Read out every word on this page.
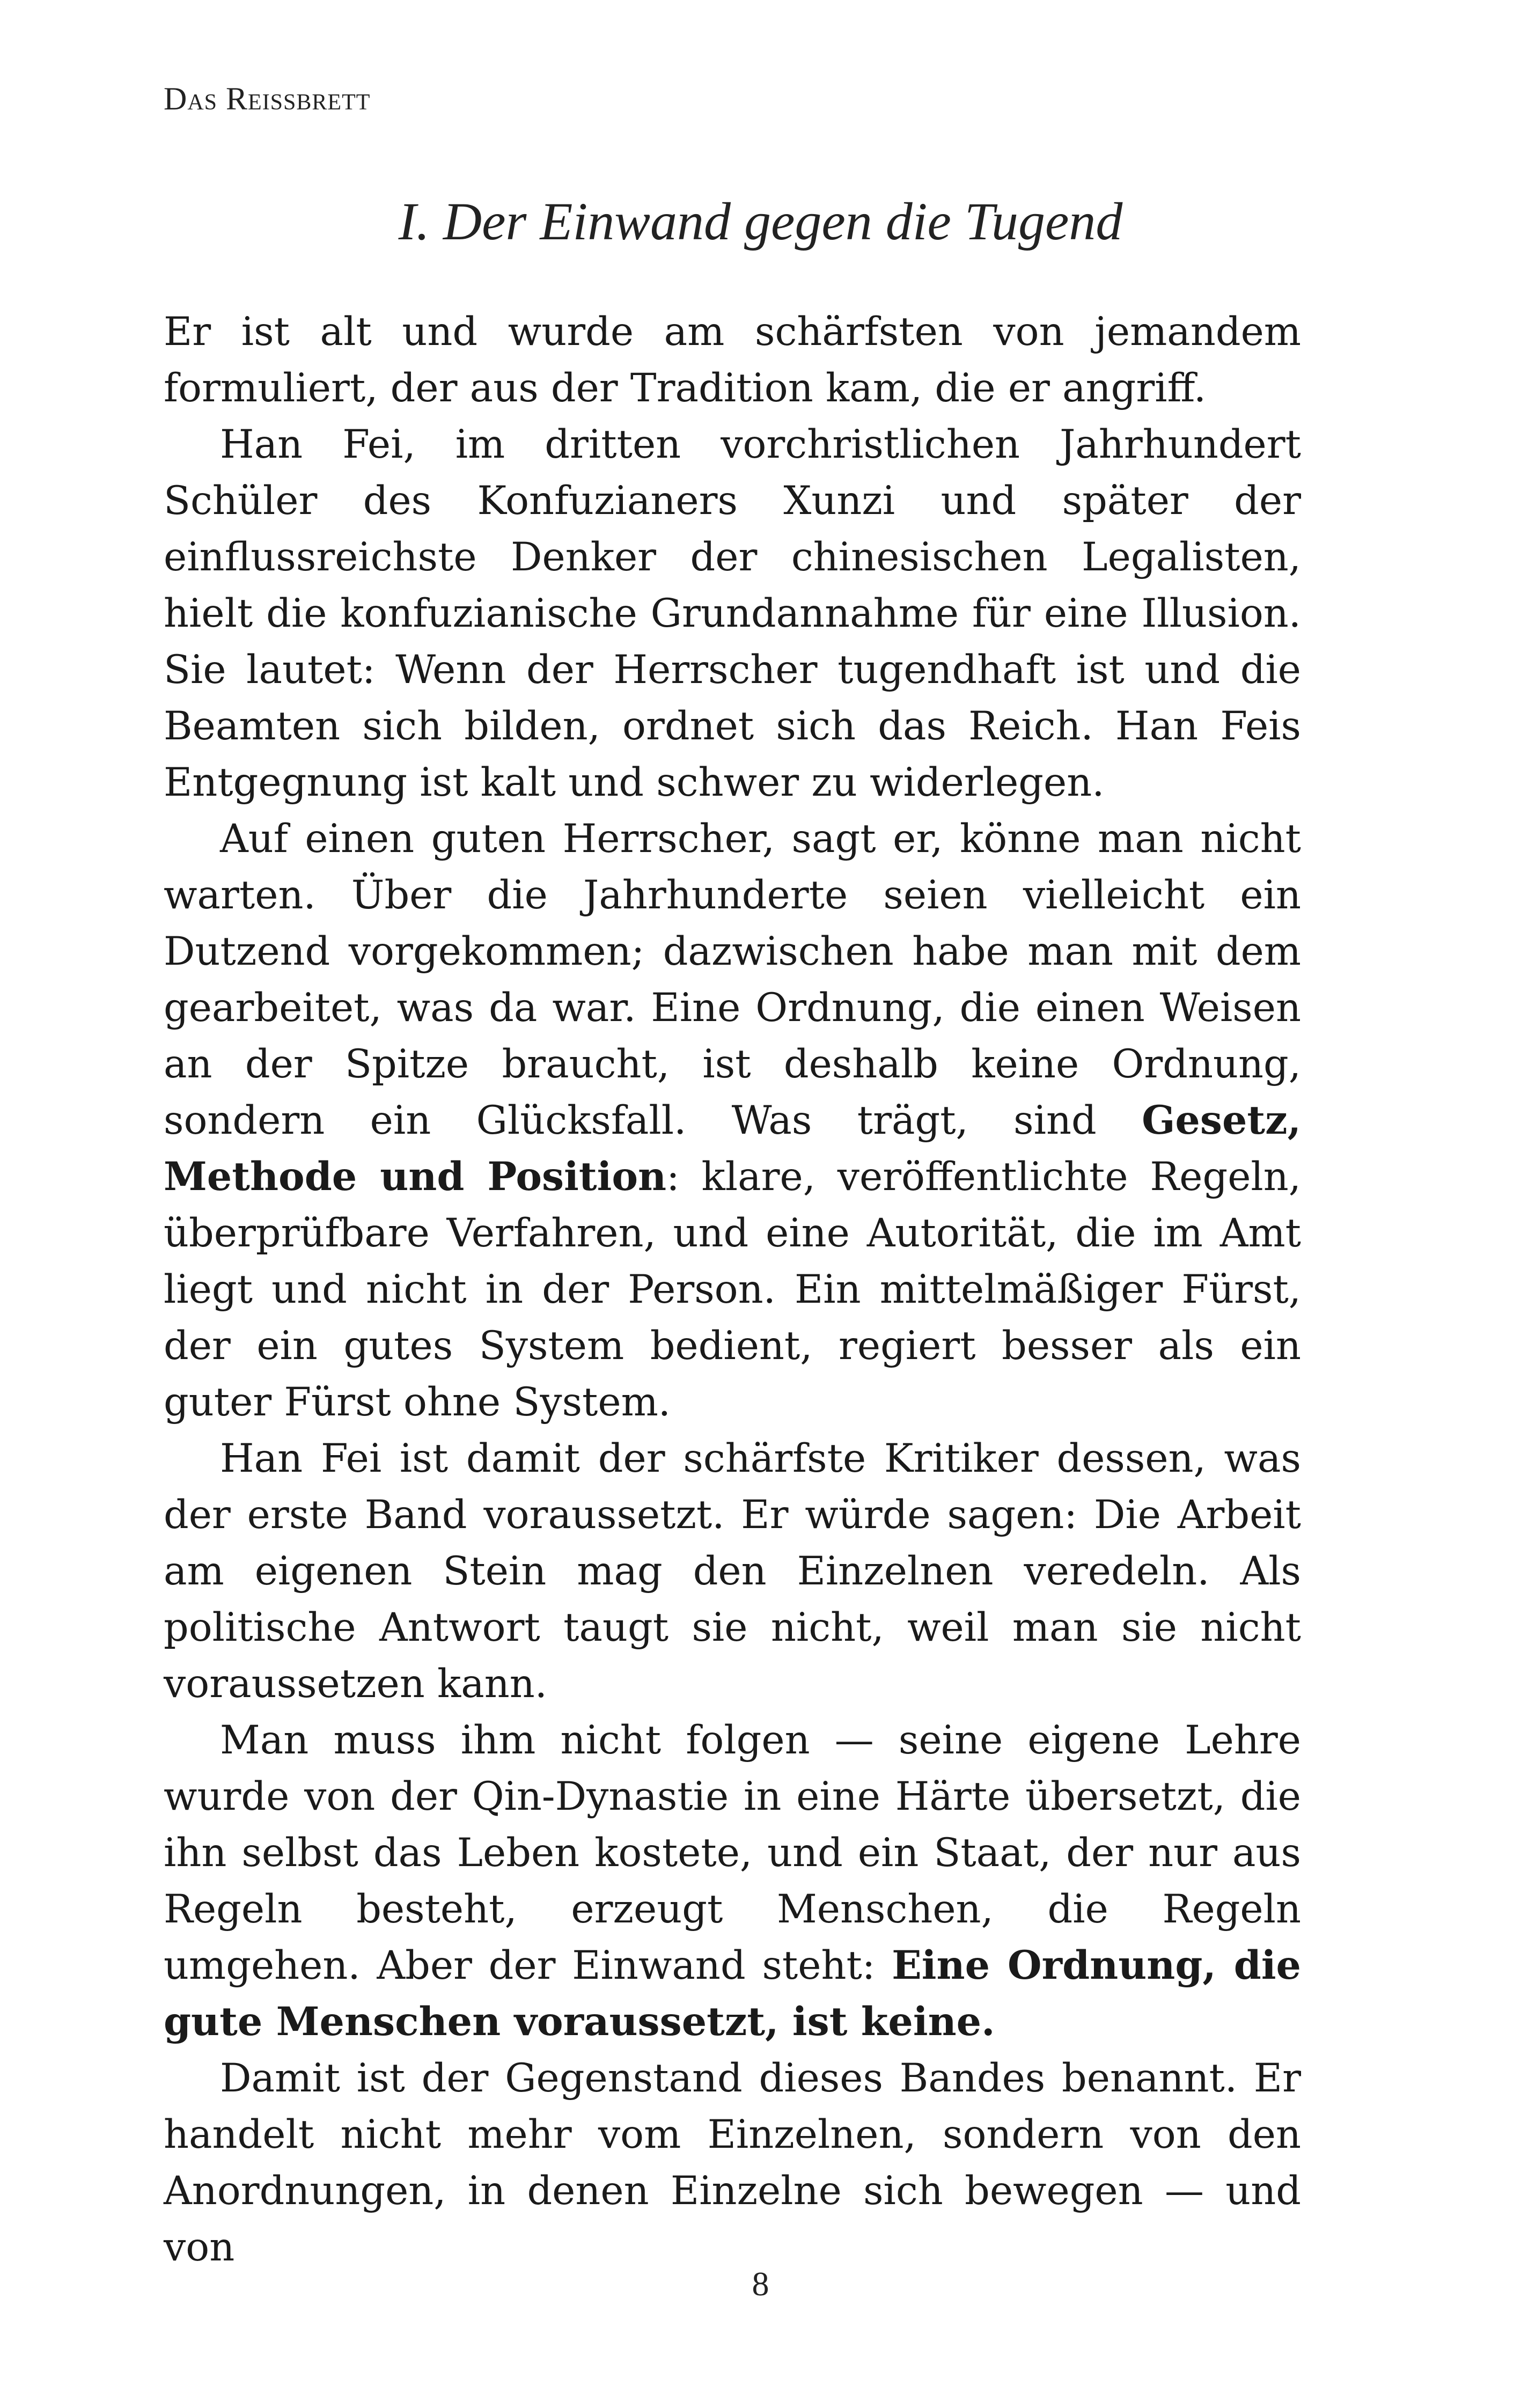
Das Reissbrett
I. Der Einwand gegen die Tugend

Er ist alt und wurde am schärfsten von jemandem formuliert, der aus der Tradition kam, die er angriff.

Han Fei, im dritten vorchristlichen Jahrhundert Schüler des Konfuzianers Xunzi und später der einflussreichste Denker der chinesischen Legalisten, hielt die konfuzianische Grundannahme für eine Illusion. Sie lautet: Wenn der Herrscher tugendhaft ist und die Beamten sich bilden, ordnet sich das Reich. Han Feis Entgegnung ist kalt und schwer zu widerlegen.

Auf einen guten Herrscher, sagt er, könne man nicht warten. Über die Jahrhunderte seien vielleicht ein Dutzend vorgekommen; dazwischen habe man mit dem gearbeitet, was da war. Eine Ordnung, die einen Weisen an der Spitze braucht, ist deshalb keine Ordnung, sondern ein Glücksfall. Was trägt, sind Gesetz, Methode und Position: klare, veröffentlichte Regeln, überprüfbare Verfahren, und eine Autorität, die im Amt liegt und nicht in der Person. Ein mittelmäßiger Fürst, der ein gutes System bedient, regiert besser als ein guter Fürst ohne System.

Han Fei ist damit der schärfste Kritiker dessen, was der erste Band voraussetzt. Er würde sagen: Die Arbeit am eigenen Stein mag den Einzelnen veredeln. Als politische Antwort taugt sie nicht, weil man sie nicht voraussetzen kann.

Man muss ihm nicht folgen — seine eigene Lehre wurde von der Qin-Dynastie in eine Härte übersetzt, die ihn selbst das Leben kostete, und ein Staat, der nur aus Regeln besteht, erzeugt Menschen, die Regeln umgehen. Aber der Einwand steht: Eine Ordnung, die gute Menschen voraussetzt, ist keine.

Damit ist der Gegenstand dieses Bandes benannt. Er handelt nicht mehr vom Einzelnen, sondern von den Anordnungen, in denen Einzelne sich bewegen — und von

8
